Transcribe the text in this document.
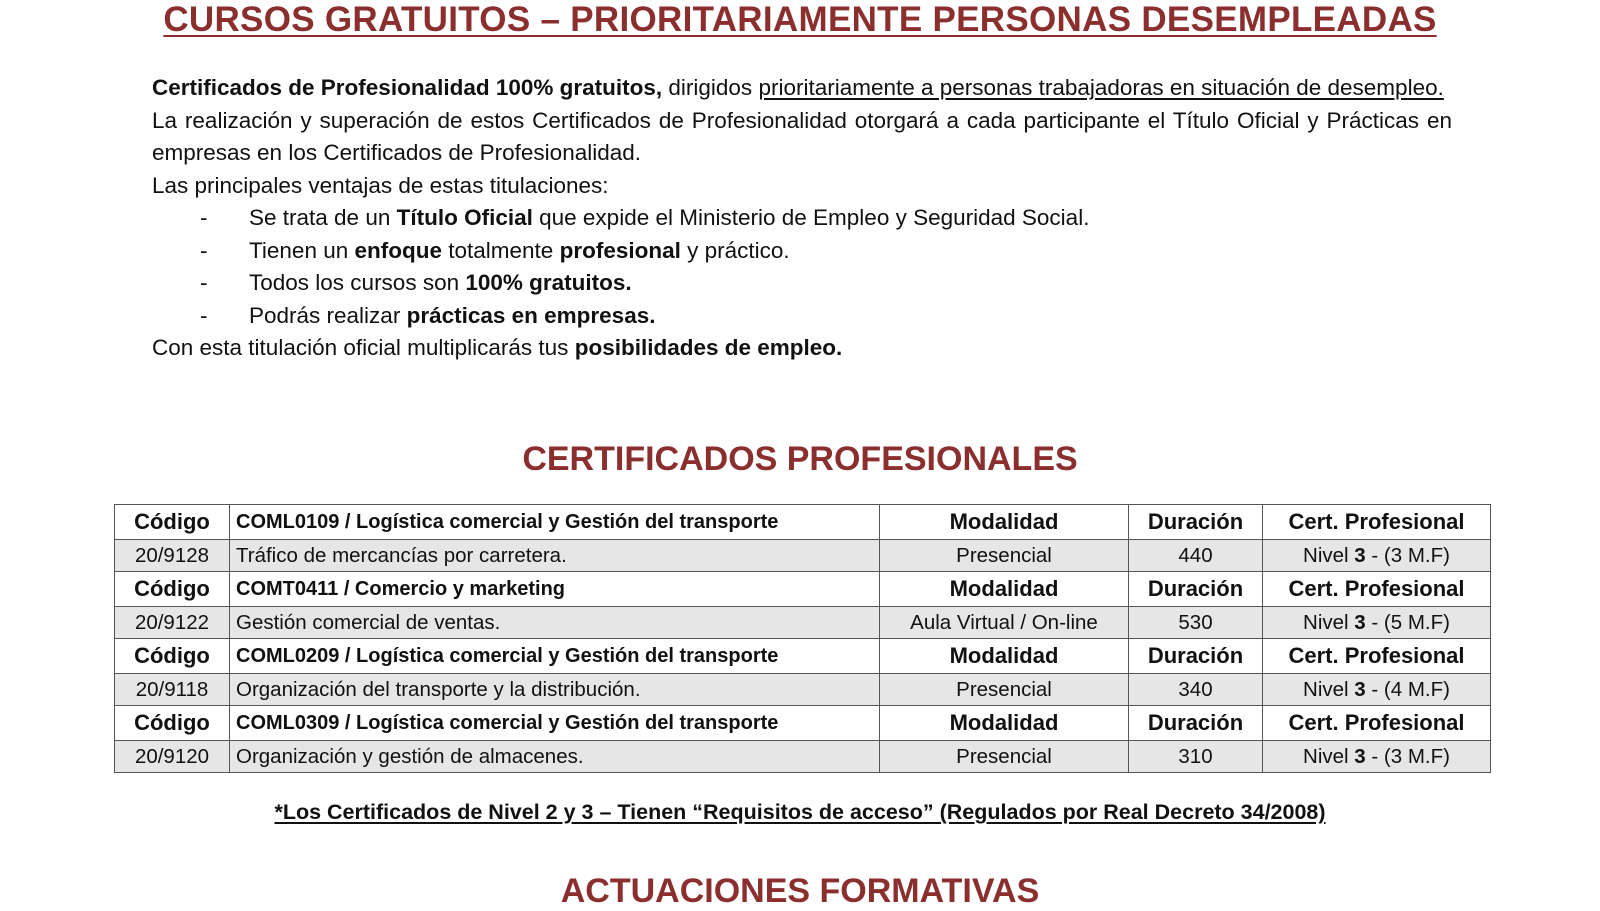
CURSOS GRATUITOS – PRIORITARIAMENTE PERSONAS DESEMPLEADAS

Certificados de Profesionalidad 100% gratuitos, dirigidos prioritariamente a personas trabajadoras en situación de desempleo.

La realización y superación de estos Certificados de Profesionalidad otorgará a cada participante el Título Oficial y Prácticas en empresas en los Certificados de Profesionalidad.

Las principales ventajas de estas titulaciones:

- Se trata de un Título Oficial que expide el Ministerio de Empleo y Seguridad Social.
- Tienen un enfoque totalmente profesional y práctico.
- Todos los cursos son 100% gratuitos.
- Podrás realizar prácticas en empresas.

Con esta titulación oficial multiplicarás tus posibilidades de empleo.

CERTIFICADOS PROFESIONALES
Código	COML0109 / Logística comercial y Gestión del transporte	Modalidad	Duración	Cert. Profesional
20/9128	Tráfico de mercancías por carretera.	Presencial	440	Nivel 3 - (3 M.F)
Código	COMT0411 / Comercio y marketing	Modalidad	Duración	Cert. Profesional
20/9122	Gestión comercial de ventas.	Aula Virtual / On-line	530	Nivel 3 - (5 M.F)
Código	COML0209 / Logística comercial y Gestión del transporte	Modalidad	Duración	Cert. Profesional
20/9118	Organización del transporte y la distribución.	Presencial	340	Nivel 3 - (4 M.F)
Código	COML0309 / Logística comercial y Gestión del transporte	Modalidad	Duración	Cert. Profesional
20/9120	Organización y gestión de almacenes.	Presencial	310	Nivel 3 - (3 M.F)
*Los Certificados de Nivel 2 y 3 – Tienen “Requisitos de acceso” (Regulados por Real Decreto 34/2008)
ACTUACIONES FORMATIVAS
